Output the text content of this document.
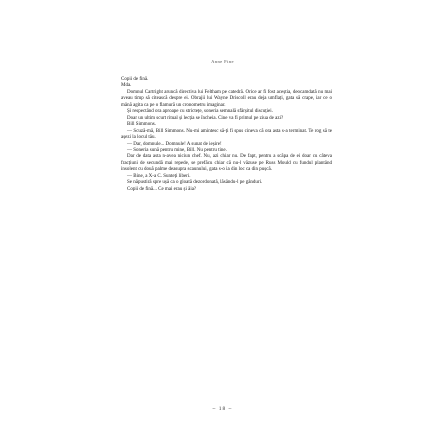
Anne Fine

Copii de fină.

Mda.

Domnul Cartright aruncă directiva lui Feltham pe catedră. Orice ar fi fost aceștia, deocamdată nu mai aveau timp să citească despre ei. Obrajii lui Wayne Driscoll erau deja umflați, gata să crape, iar ce o mână agita ca pe o flamură un cronometru imaginar.

Și respectând ora aproape cu strictețe, soneria semnală sfârșitul discuției.

Doar un ultim scurt ritual și lecția se încheia. Cine va fi primul pe ziua de azi?

Bill Simmons.

— Scuză-mă, Bill Simmons. Nu-mi amintesc să-ți fi spus cineva că ora asta s-a terminat. Te rog să te așezi la locul tău.

— Dar, domnule... Domnule! A sunat de ieșire!

— Soneria sună pentru mine, Bill. Nu pentru tine.

Dar de data asta n-avea niciun chef. Nu, azi chiar nu. De fapt, pentru a scăpa de ei doar cu câteva fracțiuni de secundă mai repede, se prefăcu chiar că nu-l văzuse pe Russ Mould cu fundul plantând insolent cu două palme deasupra scaunului, gata s-o ia din loc ca din pușcă.

— Bine, a X-a C. Sunteți liberi.

Se năpustiră spre ușă ca o gloată dezordonată, lăsându-l pe gânduri.

Copii de fină... Ce mai erau și ăia?

~ 18 ~
